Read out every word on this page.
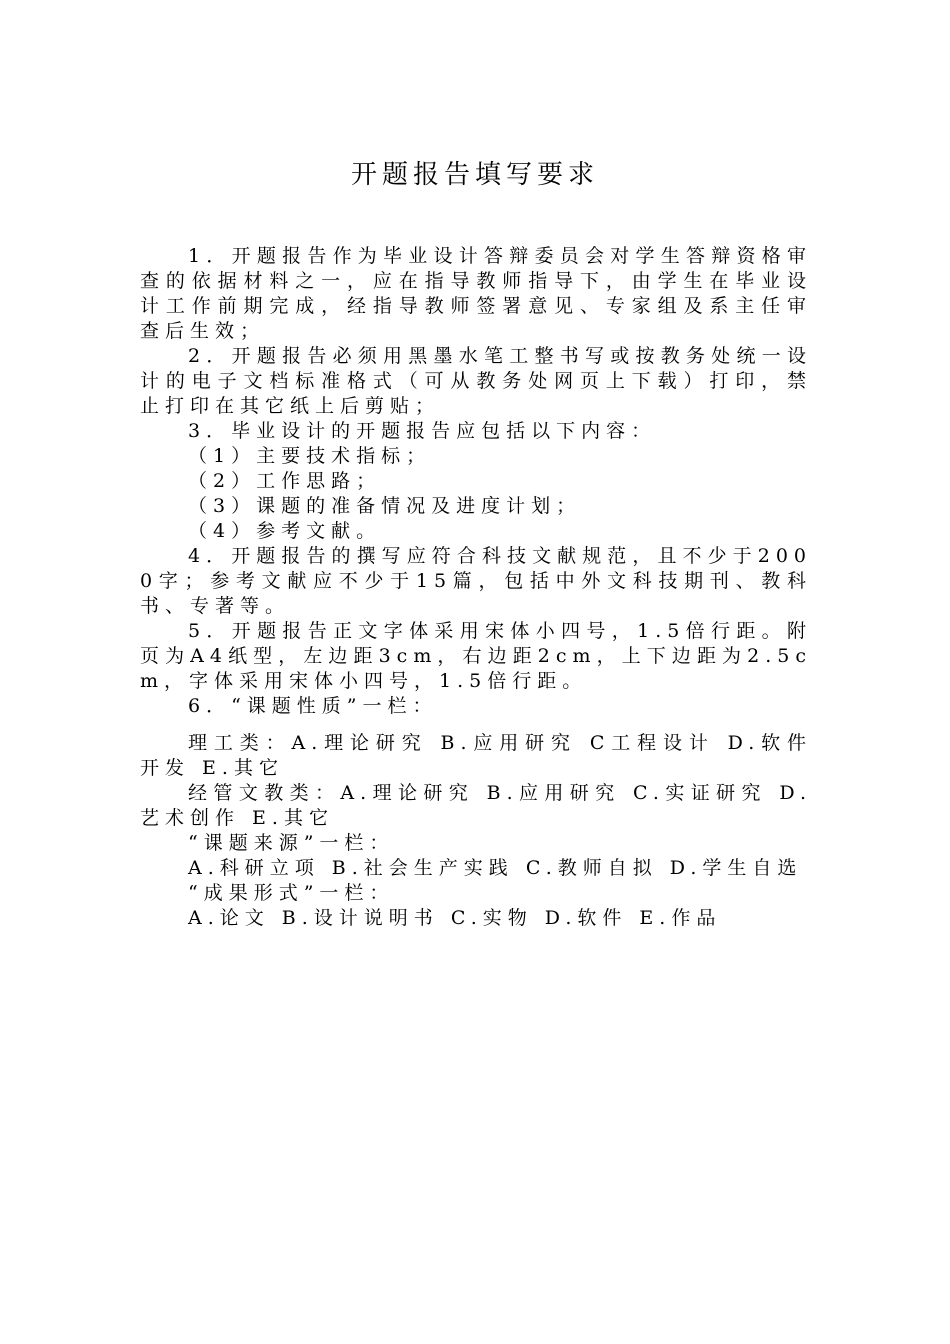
开题报告填写要求

1．开题报告作为毕业设计答辩委员会对学生答辩资格审查的依据材料之一，应在指导教师指导下，由学生在毕业设计工作前期完成，经指导教师签署意见、专家组及系主任审查后生效；

2．开题报告必须用黑墨水笔工整书写或按教务处统一设计的电子文档标准格式（可从教务处网页上下载）打印，禁止打印在其它纸上后剪贴；

3．毕业设计的开题报告应包括以下内容：

（1）主要技术指标；

（2）工作思路；

（3）课题的准备情况及进度计划；

（4）参考文献。

4．开题报告的撰写应符合科技文献规范，且不少于2000字；参考文献应不少于15篇，包括中外文科技期刊、教科书、专著等。

5．开题报告正文字体采用宋体小四号，1.5倍行距。附页为A4纸型，左边距3cm，右边距2cm，上下边距为2.5cm，字体采用宋体小四号，1.5倍行距。

6．“课题性质”一栏：

理工类：A.理论研究 B.应用研究 C工程设计 D.软件开发 E.其它

经管文教类：A.理论研究 B.应用研究 C.实证研究 D.艺术创作 E.其它

“课题来源”一栏：

A.科研立项 B.社会生产实践 C.教师自拟 D.学生自选

“成果形式”一栏：

A.论文 B.设计说明书 C.实物 D.软件 E.作品
